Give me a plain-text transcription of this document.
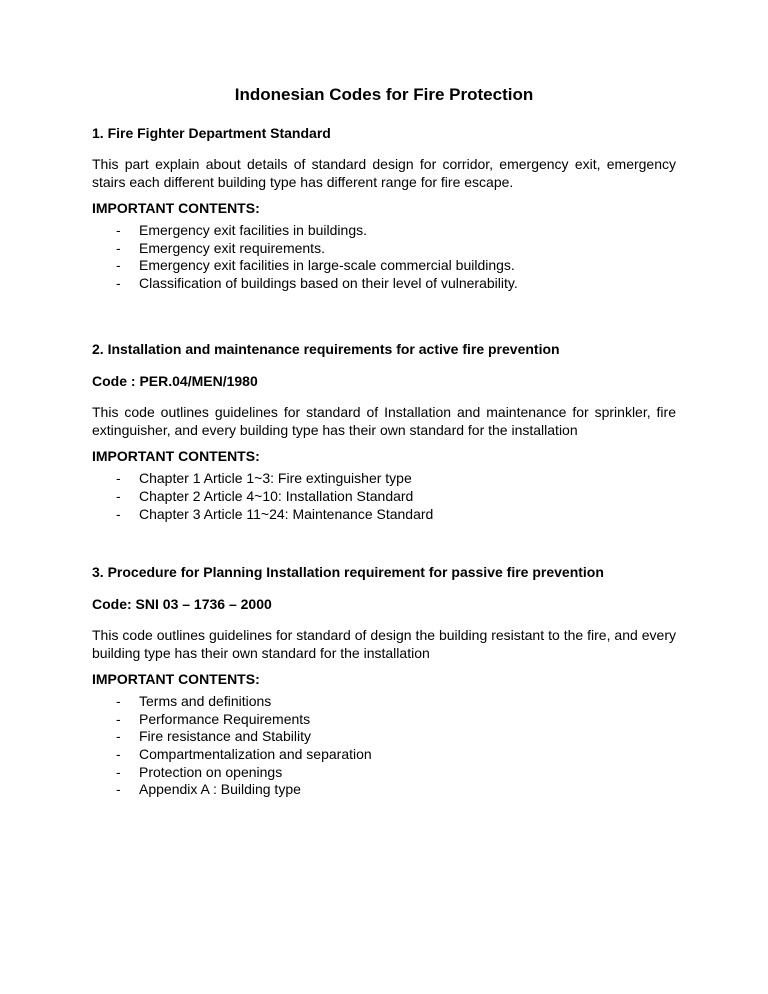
Indonesian Codes for Fire Protection

1. Fire Fighter Department Standard

This part explain about details of standard design for corridor, emergency exit, emergency stairs each different building type has different range for fire escape.

IMPORTANT CONTENTS:

- Emergency exit facilities in buildings.
- Emergency exit requirements.
- Emergency exit facilities in large-scale commercial buildings.
- Classification of buildings based on their level of vulnerability.

2. Installation and maintenance requirements for active fire prevention

Code : PER.04/MEN/1980

This code outlines guidelines for standard of Installation and maintenance for sprinkler, fire extinguisher, and every building type has their own standard for the installation

IMPORTANT CONTENTS:

- Chapter 1 Article 1~3: Fire extinguisher type
- Chapter 2 Article 4~10: Installation Standard
- Chapter 3 Article 11~24: Maintenance Standard

3. Procedure for Planning Installation requirement for passive fire prevention

Code: SNI 03 – 1736 – 2000

This code outlines guidelines for standard of design the building resistant to the fire, and every building type has their own standard for the installation

IMPORTANT CONTENTS:

- Terms and definitions
- Performance Requirements
- Fire resistance and Stability
- Compartmentalization and separation
- Protection on openings
- Appendix A : Building type
